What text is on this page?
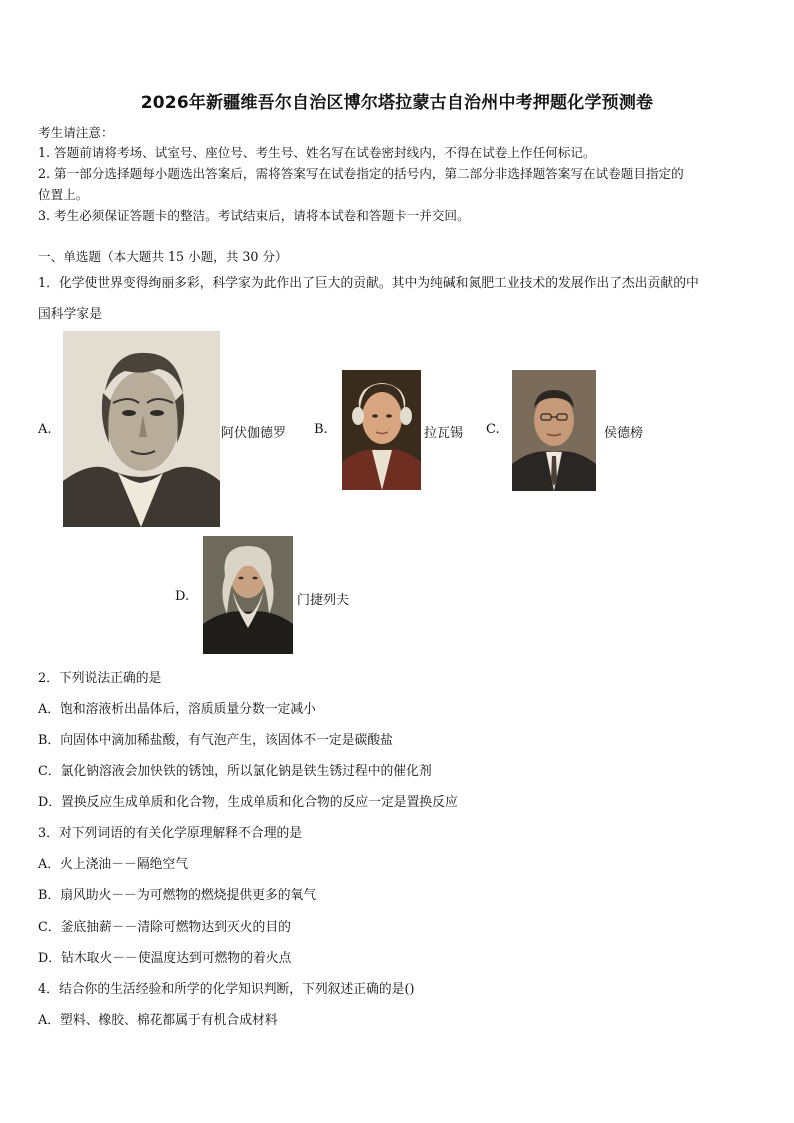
2026年新疆维吾尔自治区博尔塔拉蒙古自治州中考押题化学预测卷
考生请注意：
1. 答题前请将考场、试室号、座位号、考生号、姓名写在试卷密封线内，不得在试卷上作任何标记。
2. 第一部分选择题每小题选出答案后，需将答案写在试卷指定的括号内，第二部分非选择题答案写在试卷题目指定的
位置上。
3. 考生必须保证答题卡的整洁。考试结束后，请将本试卷和答题卡一并交回。
一、单选题（本大题共 15 小题，共 30 分）
1．化学使世界变得绚丽多彩，科学家为此作出了巨大的贡献。其中为纯碱和氮肥工业技术的发展作出了杰出贡献的中
国科学家是
A.	阿伏伽德罗 B.	拉瓦锡 C.	侯德榜
D.	门捷列夫
2．下列说法正确的是
A．饱和溶液析出晶体后，溶质质量分数一定减小
B．向固体中滴加稀盐酸，有气泡产生，该固体不一定是碳酸盐
C．氯化钠溶液会加快铁的锈蚀，所以氯化钠是铁生锈过程中的催化剂
D．置换反应生成单质和化合物，生成单质和化合物的反应一定是置换反应
3．对下列词语的有关化学原理解释不合理的是
A．火上浇油－－隔绝空气
B．扇风助火－－为可燃物的燃烧提供更多的氧气
C．釜底抽薪－－清除可燃物达到灭火的目的
D．钻木取火－－使温度达到可燃物的着火点
4．结合你的生活经验和所学的化学知识判断，下列叙述正确的是()
A．塑料、橡胶、棉花都属于有机合成材料
